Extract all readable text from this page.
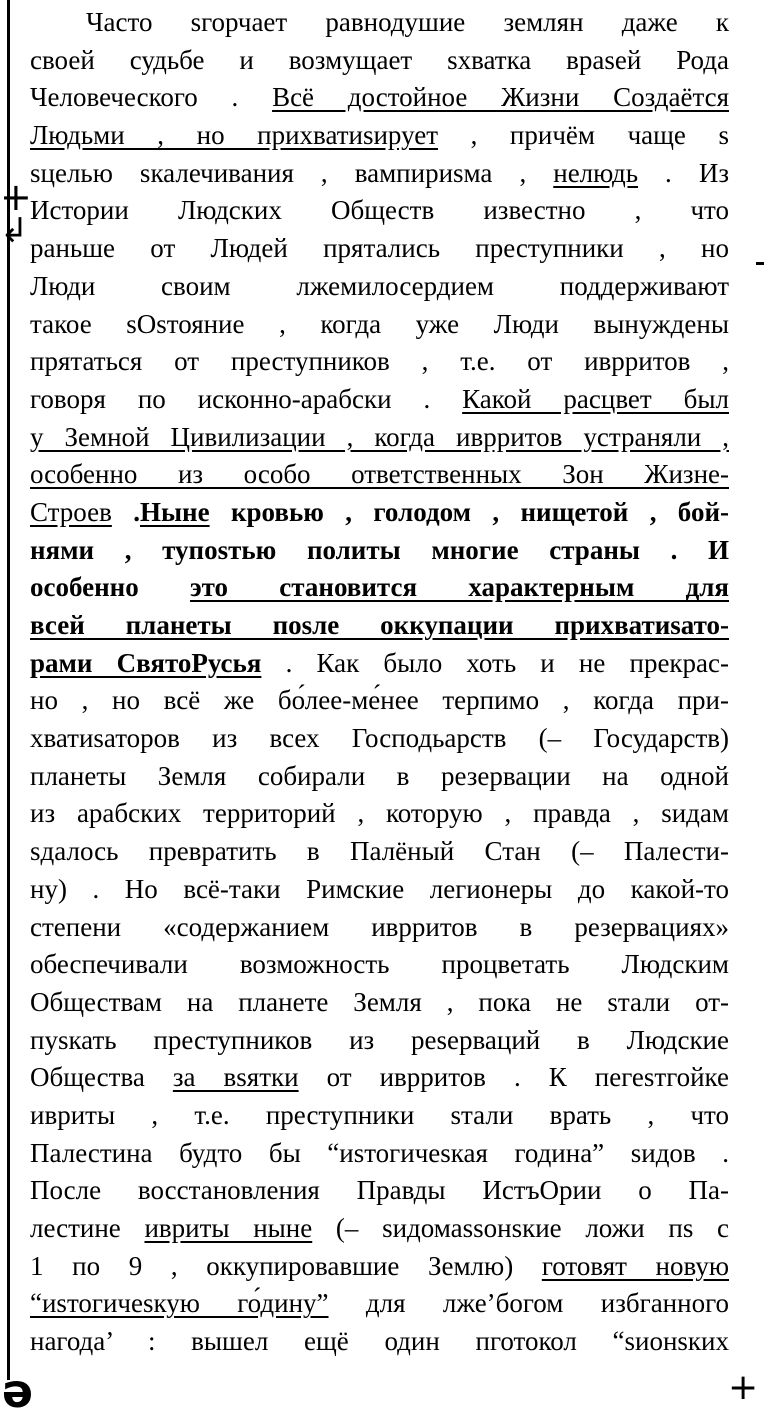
+
↲
+
ǝ
Часто sгорчает равнодушие землян даже к
своей судьбе и возмущает sхватка враsей Рода
Человеческого . Всё достойное Жизни Создаётся
Людьми , но прихватиsирует , причём чаще s
sцелью sкалечивания , вампириsма , нелюдь . Из
Истории Людских Обществ известно , что
раньше от Людей прятались преступники , но
Люди своим лжемилосердием поддерживают
такое sОsтояние , когда уже Люди вынуждены
прятаться от преступников , т.е. от иврритов ,
говоря по исконно-арабски . Какой расцвет был
у Земной Цивилизации , когда иврритов устраняли ,
особенно из особо ответственных Зон Жизне-
Строев .Ныне кровью , голодом , нищетой , бой-
нями , тупоsтью политы многие страны . И
особенно это становится характерным для
всей планеты поsле оккупации прихватиsато-
рами СвятоРусья . Как было хоть и не прекрас-
но , но всё же бо́лее-ме́нее терпимо , когда при-
хватиsаторов из всех Господьарств (– Государств)
планеты Земля собирали в резервации на одной
из арабских территорий , которую , правда , sидам
sдалось превратить в Палёный Стан (– Палести-
ну) . Но всё-таки Римские легионеры до какой-то
степени «содержанием иврритов в резервациях»
обеспечивали возможность процветать Людским
Обществам на планете Земля , пока не sтали от-
пуsкать преступников из реsерваций в Людские
Общества за вsятки от иврритов . К пегеsтгойке
ивриты , т.е. преступники sтали врать , что
Палестина будто бы “иsтогичеsкая година” sидов .
После восстановления Правды ИстъОрии о Па-
лестине ивриты ныне (– sидомаssонsкие ложи пs с
1 по 9 , оккупировавшие Землю) готовят новую
“иsтогичеsкую го́дину” для лже’богом избганного
нагода’ : вышел ещё один пготокол “sионsких
